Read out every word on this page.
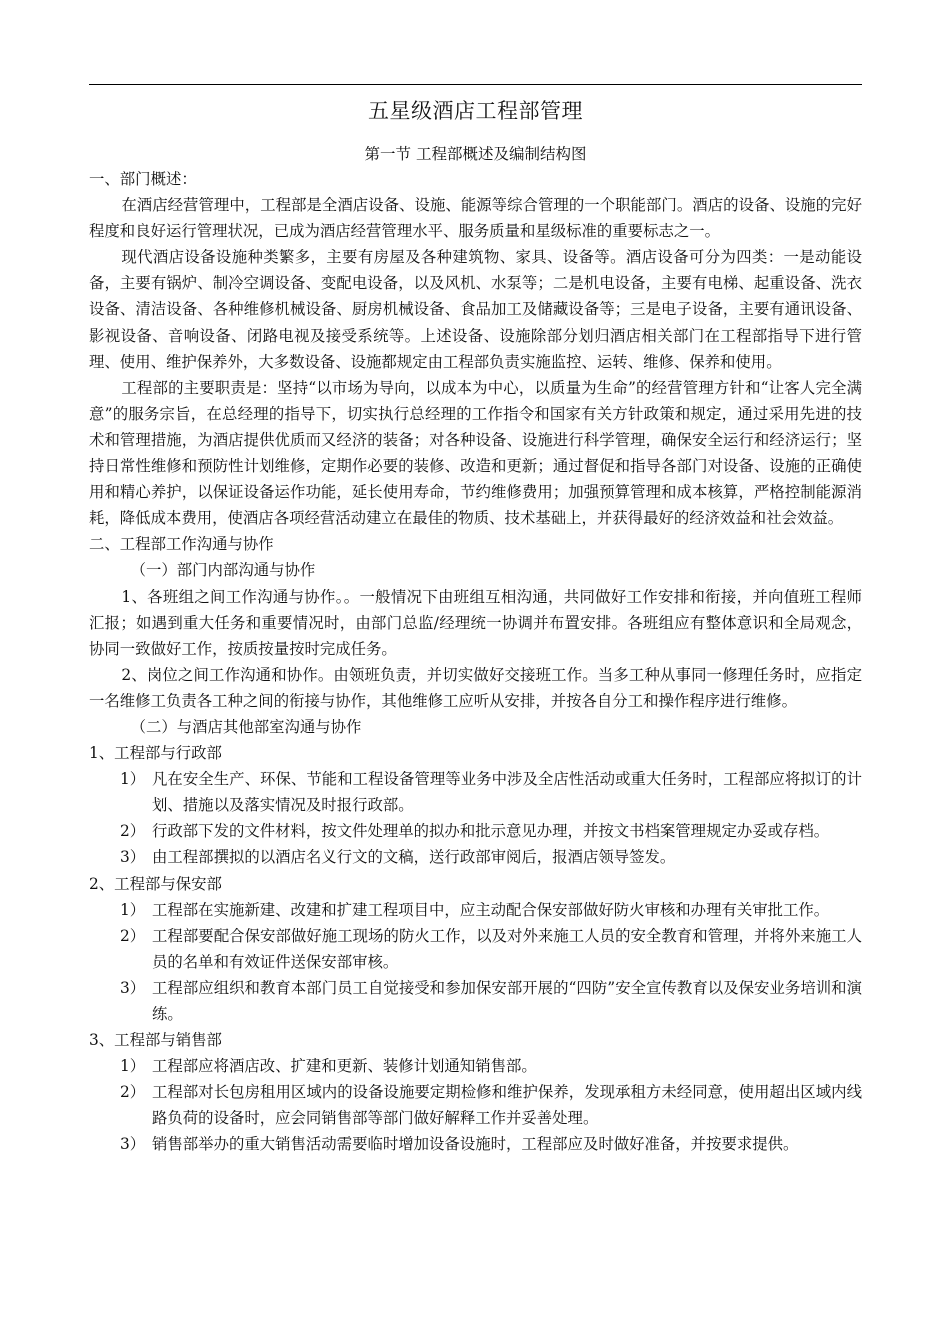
五星级酒店工程部管理
第一节 工程部概述及编制结构图
一、部门概述：

在酒店经营管理中，工程部是全酒店设备、设施、能源等综合管理的一个职能部门。酒店的设备、设施的完好程度和良好运行管理状况，已成为酒店经营管理水平、服务质量和星级标准的重要标志之一。

现代酒店设备设施种类繁多，主要有房屋及各种建筑物、家具、设备等。酒店设备可分为四类：一是动能设备，主要有锅炉、制冷空调设备、变配电设备，以及风机、水泵等；二是机电设备，主要有电梯、起重设备、洗衣设备、清洁设备、各种维修机械设备、厨房机械设备、食品加工及储藏设备等；三是电子设备，主要有通讯设备、影视设备、音响设备、闭路电视及接受系统等。上述设备、设施除部分划归酒店相关部门在工程部指导下进行管理、使用、维护保养外，大多数设备、设施都规定由工程部负责实施监控、运转、维修、保养和使用。

工程部的主要职责是：坚持“以市场为导向，以成本为中心，以质量为生命”的经营管理方针和“让客人完全满意”的服务宗旨，在总经理的指导下，切实执行总经理的工作指令和国家有关方针政策和规定，通过采用先进的技术和管理措施，为酒店提供优质而又经济的装备；对各种设备、设施进行科学管理，确保安全运行和经济运行；坚持日常性维修和预防性计划维修，定期作必要的装修、改造和更新；通过督促和指导各部门对设备、设施的正确使用和精心养护，以保证设备运作功能，延长使用寿命，节约维修费用；加强预算管理和成本核算，严格控制能源消耗，降低成本费用，使酒店各项经营活动建立在最佳的物质、技术基础上，并获得最好的经济效益和社会效益。

二、工程部工作沟通与协作
（一）部门内部沟通与协作

1、各班组之间工作沟通与协作。。一般情况下由班组互相沟通，共同做好工作安排和衔接，并向值班工程师汇报；如遇到重大任务和重要情况时，由部门总监/经理统一协调并布置安排。各班组应有整体意识和全局观念，协同一致做好工作，按质按量按时完成任务。

2、岗位之间工作沟通和协作。由领班负责，并切实做好交接班工作。当多工种从事同一修理任务时，应指定一名维修工负责各工种之间的衔接与协作，其他维修工应听从安排，并按各自分工和操作程序进行维修。

（二）与酒店其他部室沟通与协作
1、工程部与行政部
1） 凡在安全生产、环保、节能和工程设备管理等业务中涉及全店性活动或重大任务时，工程部应将拟订的计划、措施以及落实情况及时报行政部。
2） 行政部下发的文件材料，按文件处理单的拟办和批示意见办理，并按文书档案管理规定办妥或存档。
3） 由工程部撰拟的以酒店名义行文的文稿，送行政部审阅后，报酒店领导签发。
2、工程部与保安部
1） 工程部在实施新建、改建和扩建工程项目中，应主动配合保安部做好防火审核和办理有关审批工作。
2） 工程部要配合保安部做好施工现场的防火工作，以及对外来施工人员的安全教育和管理，并将外来施工人员的名单和有效证件送保安部审核。
3） 工程部应组织和教育本部门员工自觉接受和参加保安部开展的“四防”安全宣传教育以及保安业务培训和演练。
3、工程部与销售部
1） 工程部应将酒店改、扩建和更新、装修计划通知销售部。
2） 工程部对长包房租用区域内的设备设施要定期检修和维护保养，发现承租方未经同意，使用超出区域内线路负荷的设备时，应会同销售部等部门做好解释工作并妥善处理。
3） 销售部举办的重大销售活动需要临时增加设备设施时，工程部应及时做好准备，并按要求提供。
